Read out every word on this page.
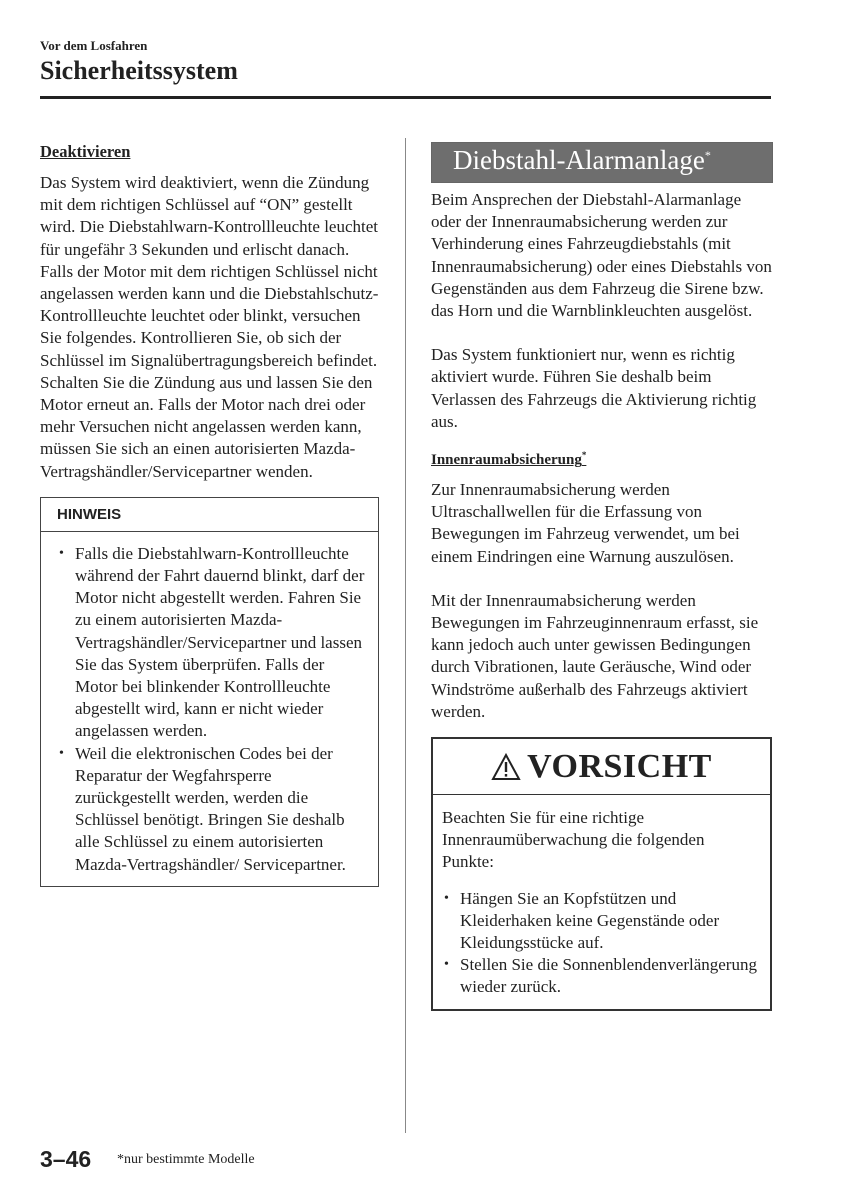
Vor dem Losfahren
Sicherheitssystem

Deaktivieren

Das System wird deaktiviert, wenn die Zündung mit dem richtigen Schlüssel auf “ON” gestellt wird. Die Diebstahlwarn-Kontrollleuchte leuchtet für ungefähr 3 Sekunden und erlischt danach. Falls der Motor mit dem richtigen Schlüssel nicht angelassen werden kann und die Diebstahlschutz-Kontrollleuchte leuchtet oder blinkt, versuchen Sie folgendes. Kontrollieren Sie, ob sich der Schlüssel im Signalübertragungsbereich befindet. Schalten Sie die Zündung aus und lassen Sie den Motor erneut an. Falls der Motor nach drei oder mehr Versuchen nicht angelassen werden kann, müssen Sie sich an einen autorisierten Mazda-Vertragshändler/Servicepartner wenden.

HINWEIS
• Falls die Diebstahlwarn-Kontrollleuchte während der Fahrt dauernd blinkt, darf der Motor nicht abgestellt werden. Fahren Sie zu einem autorisierten Mazda-Vertragshändler/Servicepartner und lassen Sie das System überprüfen. Falls der Motor bei blinkender Kontrollleuchte abgestellt wird, kann er nicht wieder angelassen werden.
• Weil die elektronischen Codes bei der Reparatur der Wegfahrsperre zurückgestellt werden, werden die Schlüssel benötigt. Bringen Sie deshalb alle Schlüssel zu einem autorisierten Mazda-Vertragshändler/ Servicepartner.
Diebstahl-Alarmanlage*

Beim Ansprechen der Diebstahl-Alarmanlage oder der Innenraumabsicherung werden zur Verhinderung eines Fahrzeugdiebstahls (mit Innenraumabsicherung) oder eines Diebstahls von Gegenständen aus dem Fahrzeug die Sirene bzw. das Horn und die Warnblinkleuchten ausgelöst.

Das System funktioniert nur, wenn es richtig aktiviert wurde. Führen Sie deshalb beim Verlassen des Fahrzeugs die Aktivierung richtig aus.

Innenraumabsicherung*

Zur Innenraumabsicherung werden Ultraschallwellen für die Erfassung von Bewegungen im Fahrzeug verwendet, um bei einem Eindringen eine Warnung auszulösen.

Mit der Innenraumabsicherung werden Bewegungen im Fahrzeuginnenraum erfasst, sie kann jedoch auch unter gewissen Bedingungen durch Vibrationen, laute Geräusche, Wind oder Windströme außerhalb des Fahrzeugs aktiviert werden.

VORSICHT

Beachten Sie für eine richtige Innenraumüberwachung die folgenden Punkte:

• Hängen Sie an Kopfstützen und Kleiderhaken keine Gegenstände oder Kleidungsstücke auf.
• Stellen Sie die Sonnenblendenverlängerung wieder zurück.
3–46 *nur bestimmte Modelle
